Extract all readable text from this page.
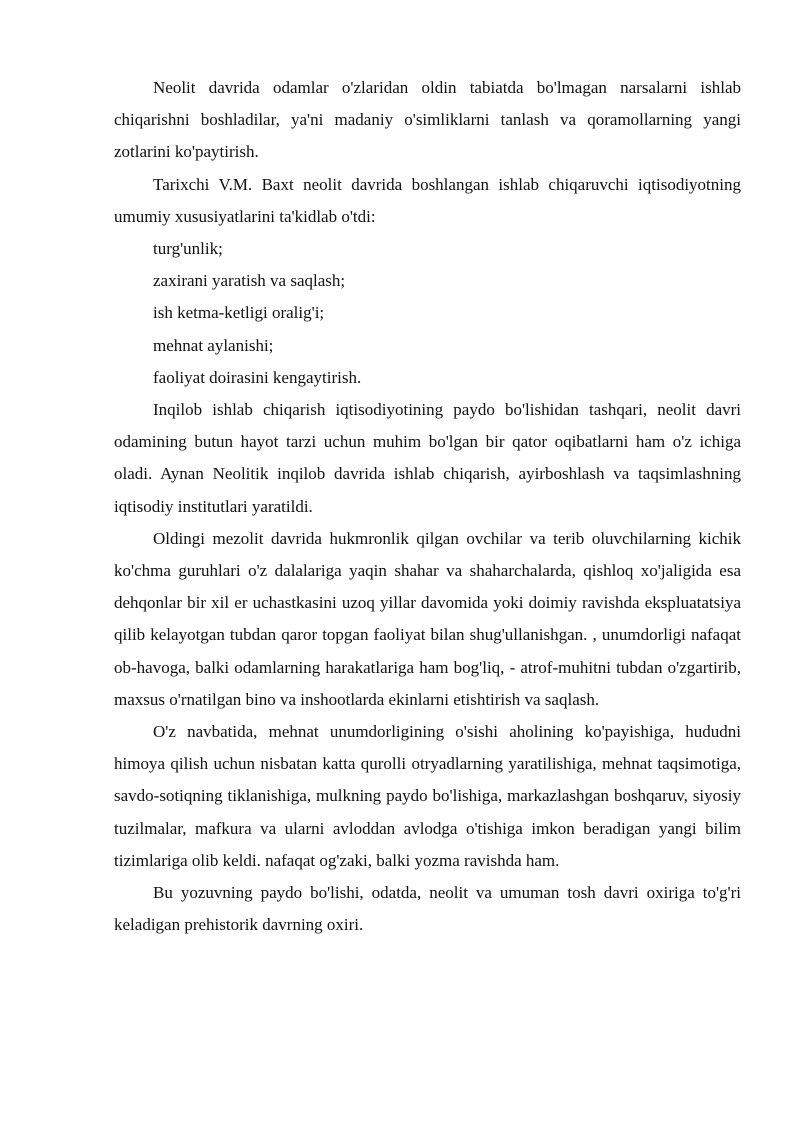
Neolit davrida odamlar o'zlaridan oldin tabiatda bo'lmagan narsalarni ishlab chiqarishni boshladilar, ya'ni madaniy o'simliklarni tanlash va qoramollarning yangi zotlarini ko'paytirish.

Tarixchi V.M. Baxt neolit davrida boshlangan ishlab chiqaruvchi iqtisodiyotning umumiy xususiyatlarini ta'kidlab o'tdi:

turg'unlik;

zaxirani yaratish va saqlash;

ish ketma-ketligi oralig'i;

mehnat aylanishi;

faoliyat doirasini kengaytirish.

Inqilob ishlab chiqarish iqtisodiyotining paydo bo'lishidan tashqari, neolit davri odamining butun hayot tarzi uchun muhim bo'lgan bir qator oqibatlarni ham o'z ichiga oladi. Aynan Neolitik inqilob davrida ishlab chiqarish, ayirboshlash va taqsimlashning iqtisodiy institutlari yaratildi.

Oldingi mezolit davrida hukmronlik qilgan ovchilar va terib oluvchilarning kichik ko'chma guruhlari o'z dalalariga yaqin shahar va shaharchalarda, qishloq xo'jaligida esa dehqonlar bir xil er uchastkasini uzoq yillar davomida yoki doimiy ravishda ekspluatatsiya qilib kelayotgan tubdan qaror topgan faoliyat bilan shug'ullanishgan. , unumdorligi nafaqat ob-havoga, balki odamlarning harakatlariga ham bog'liq, - atrof-muhitni tubdan o'zgartirib, maxsus o'rnatilgan bino va inshootlarda ekinlarni etishtirish va saqlash.

O'z navbatida, mehnat unumdorligining o'sishi aholining ko'payishiga, hududni himoya qilish uchun nisbatan katta qurolli otryadlarning yaratilishiga, mehnat taqsimotiga, savdo-sotiqning tiklanishiga, mulkning paydo bo'lishiga, markazlashgan boshqaruv, siyosiy tuzilmalar, mafkura va ularni avloddan avlodga o'tishiga imkon beradigan yangi bilim tizimlariga olib keldi. nafaqat og'zaki, balki yozma ravishda ham.

Bu yozuvning paydo bo'lishi, odatda, neolit va umuman tosh davri oxiriga to'g'ri keladigan prehistorik davrning oxiri.
